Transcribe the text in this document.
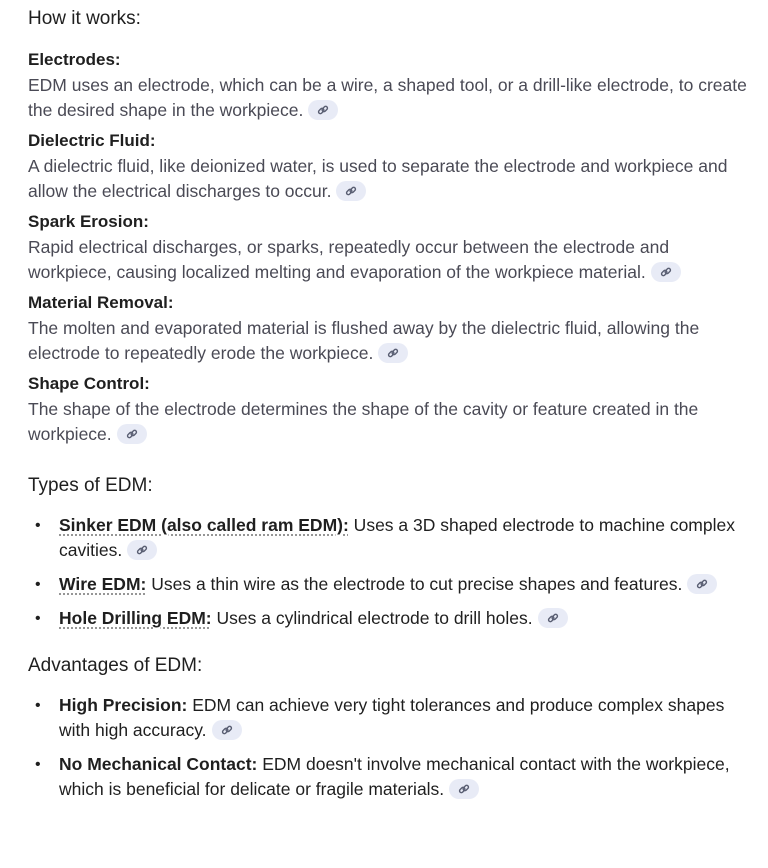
How it works:
Electrodes:
EDM uses an electrode, which can be a wire, a shaped tool, or a drill-like electrode, to create the desired shape in the workpiece.
Dielectric Fluid:
A dielectric fluid, like deionized water, is used to separate the electrode and workpiece and allow the electrical discharges to occur.
Spark Erosion:
Rapid electrical discharges, or sparks, repeatedly occur between the electrode and workpiece, causing localized melting and evaporation of the workpiece material.
Material Removal:
The molten and evaporated material is flushed away by the dielectric fluid, allowing the electrode to repeatedly erode the workpiece.
Shape Control:
The shape of the electrode determines the shape of the cavity or feature created in the workpiece.
Types of EDM:
• Sinker EDM (also called ram EDM): Uses a 3D shaped electrode to machine complex cavities.
• Wire EDM: Uses a thin wire as the electrode to cut precise shapes and features.
• Hole Drilling EDM: Uses a cylindrical electrode to drill holes.
Advantages of EDM:
• High Precision: EDM can achieve very tight tolerances and produce complex shapes with high accuracy.
• No Mechanical Contact: EDM doesn't involve mechanical contact with the workpiece, which is beneficial for delicate or fragile materials.
